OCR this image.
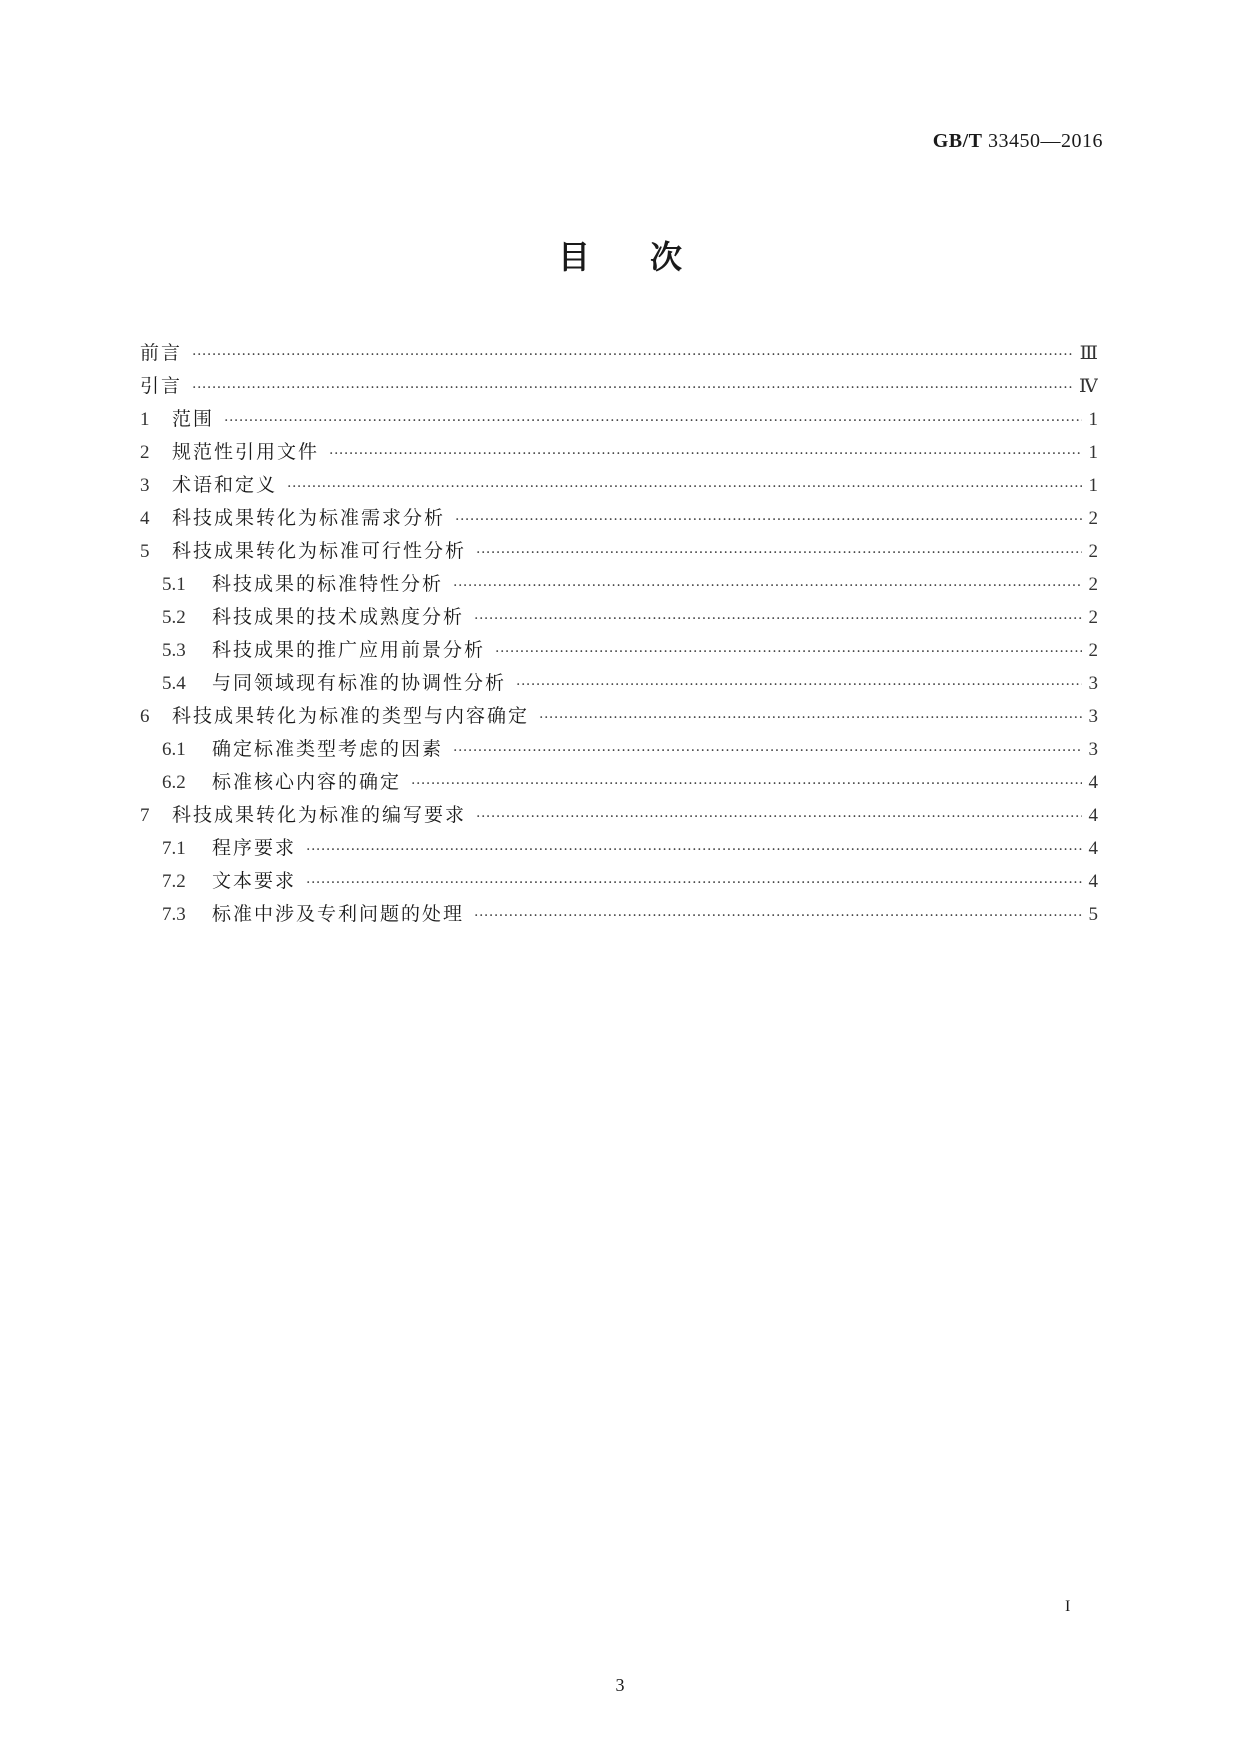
GB/T 33450—2016
目次
前言 ·····	Ⅲ
引言 ·····	Ⅳ
1	范围 ·····	1
2	规范性引用文件 ·····	1
3	术语和定义 ·····	1
4	科技成果转化为标准需求分析 ·····	2
5	科技成果转化为标准可行性分析 ·····	2
5.1	科技成果的标准特性分析 ·····	2
5.2	科技成果的技术成熟度分析 ·····	2
5.3	科技成果的推广应用前景分析 ·····	2
5.4	与同领域现有标准的协调性分析 ·····	3
6	科技成果转化为标准的类型与内容确定 ·····	3
6.1	确定标准类型考虑的因素 ·····	3
6.2	标准核心内容的确定 ·····	4
7	科技成果转化为标准的编写要求 ·····	4
7.1	程序要求 ·····	4
7.2	文本要求 ·····	4
7.3	标准中涉及专利问题的处理 ·····	5
I
3
